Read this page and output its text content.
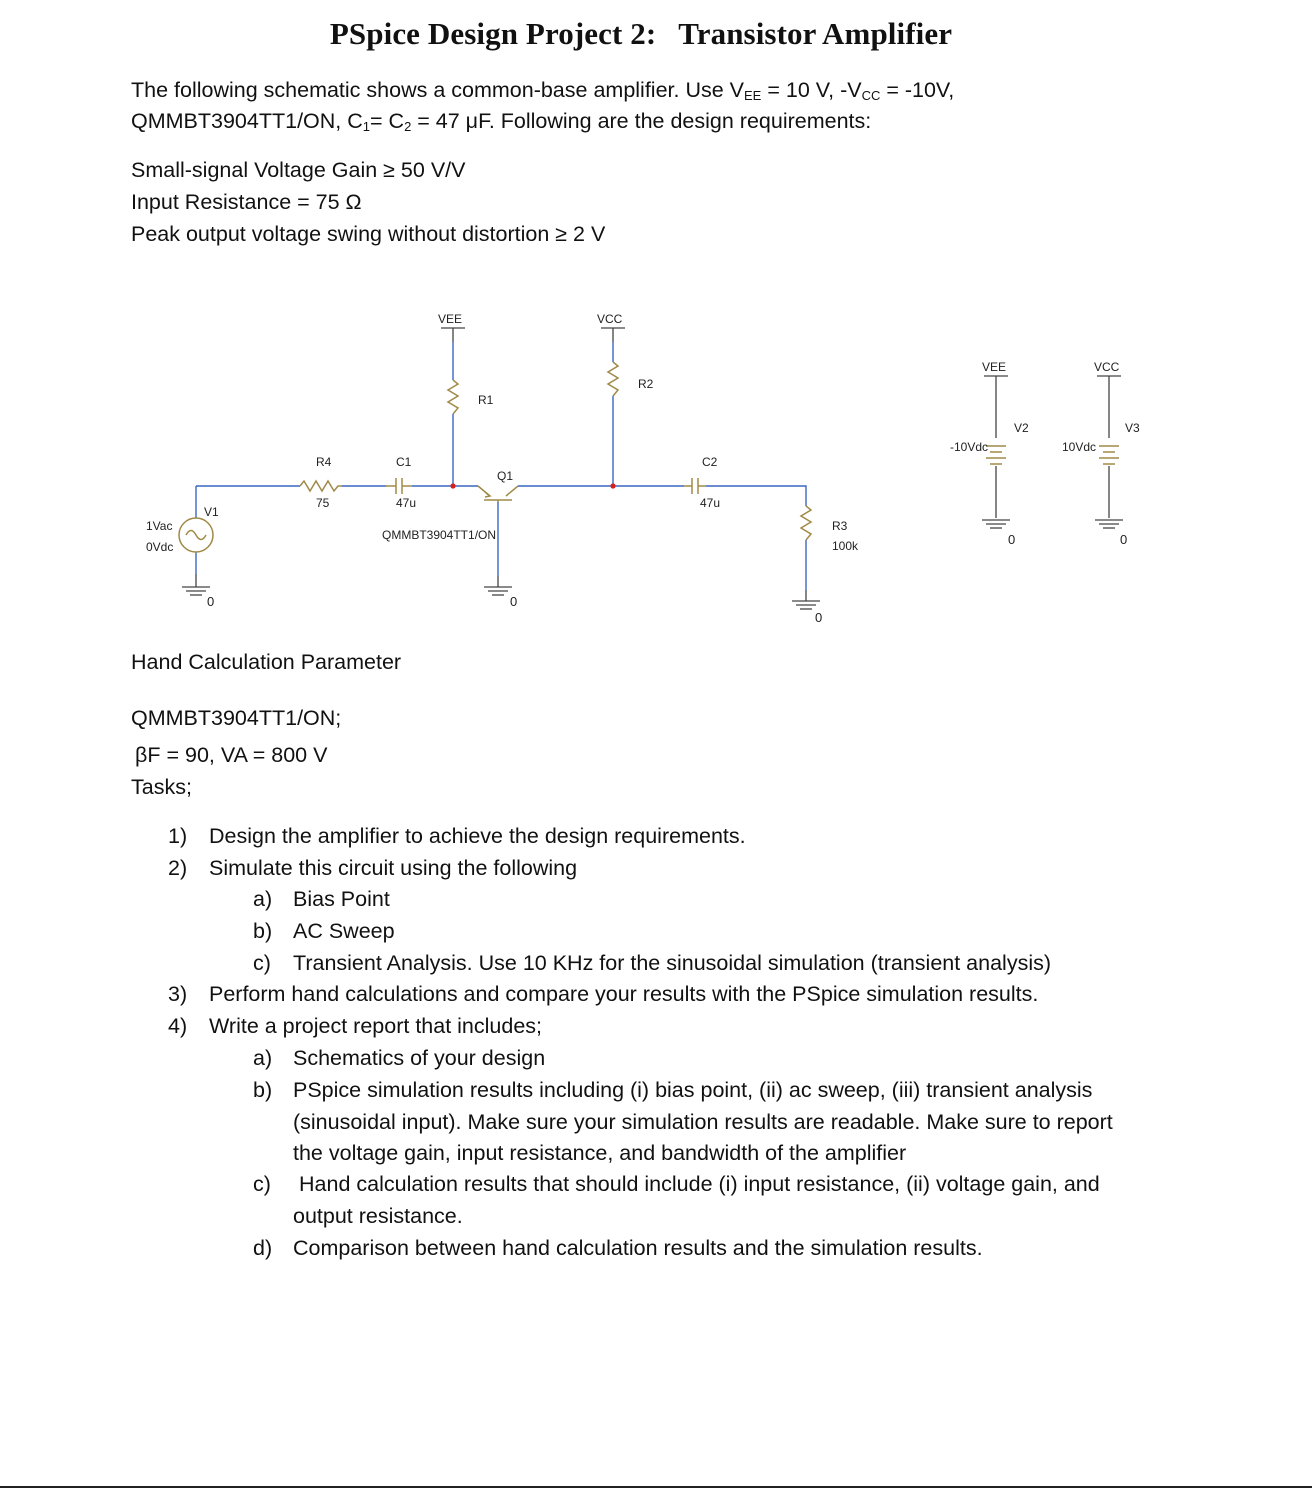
PSpice Design Project 2: Transistor Amplifier
The following schematic shows a common-base amplifier. Use $V_{EE} = 10$ V, $-V_{CC} = -10V$,
QMMBT3904TT1/ON, $C_1= C_2 = 47$ μF. Following are the design requirements:
Small-signal Voltage Gain ≥ 50 V/V
Input Resistance = 75 Ω
Peak output voltage swing without distortion ≥ 2 V
VEE	VCC
R1
R2
R4
75
C1
47u
Q1
QMMBT3904TT1/ON
C2
47u
V1
1Vac
0Vdc
R3
100k
0	0
0
VEE
V2
-10Vdc
0
VCC
V3
10Vdc
0
Hand Calculation Parameter
QMMBT3904TT1/ON;
βF = 90, VA = 800 V
Tasks;
1) Design the amplifier to achieve the design requirements.
2) Simulate this circuit using the following
a) Bias Point
b) AC Sweep
c) Transient Analysis. Use 10 KHz for the sinusoidal simulation (transient analysis)
3) Perform hand calculations and compare your results with the PSpice simulation results.
4) Write a project report that includes;
a) Schematics of your design
b) PSpice simulation results including (i) bias point, (ii) ac sweep, (iii) transient analysis
(sinusoidal input). Make sure your simulation results are readable. Make sure to report
the voltage gain, input resistance, and bandwidth of the amplifier
c) Hand calculation results that should include (i) input resistance, (ii) voltage gain, and
output resistance.
d) Comparison between hand calculation results and the simulation results.
